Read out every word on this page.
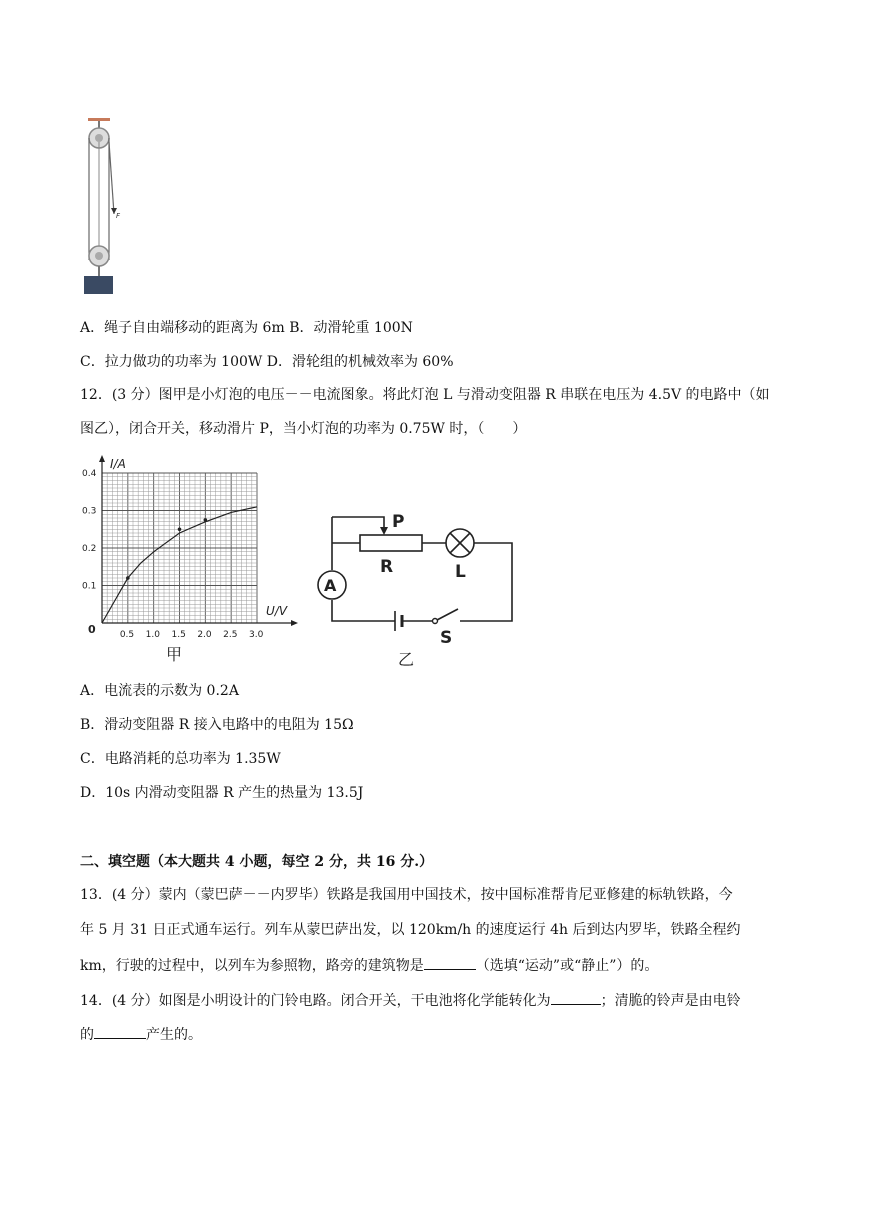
F
A．绳子自由端移动的距离为 6m B．动滑轮重 100N
C．拉力做功的功率为 100W D．滑轮组的机械效率为 60%
12．(3 分）图甲是小灯泡的电压－－电流图象。将此灯泡 L 与滑动变阻器 R 串联在电压为 4.5V 的电路中（如
图乙），闭合开关，移动滑片 P，当小灯泡的功率为 0.75W 时，（　　）
0.1
0.2
0.3
0.4
0.5 1.0 1.5 2.0 2.5 3.0
I/A
U/V
0
甲
P
R	L
A
S
乙
A．电流表的示数为 0.2A
B．滑动变阻器 R 接入电路中的电阻为 15Ω
C．电路消耗的总功率为 1.35W
D．10s 内滑动变阻器 R 产生的热量为 13.5J
二、填空题（本大题共 4 小题，每空 2 分，共 16 分.）
13．(4 分）蒙内（蒙巴萨－－内罗毕）铁路是我国用中国技术，按中国标准帮肯尼亚修建的标轨铁路，今
年 5 月 31 日正式通车运行。列车从蒙巴萨出发，以 120km/h 的速度运行 4h 后到达内罗毕，铁路全程约
km，行驶的过程中，以列车为参照物，路旁的建筑物是	（选填“运动”或“静止”）的。
14．(4 分）如图是小明设计的门铃电路。闭合开关，干电池将化学能转化为	；清脆的铃声是由电铃
的	产生的。
